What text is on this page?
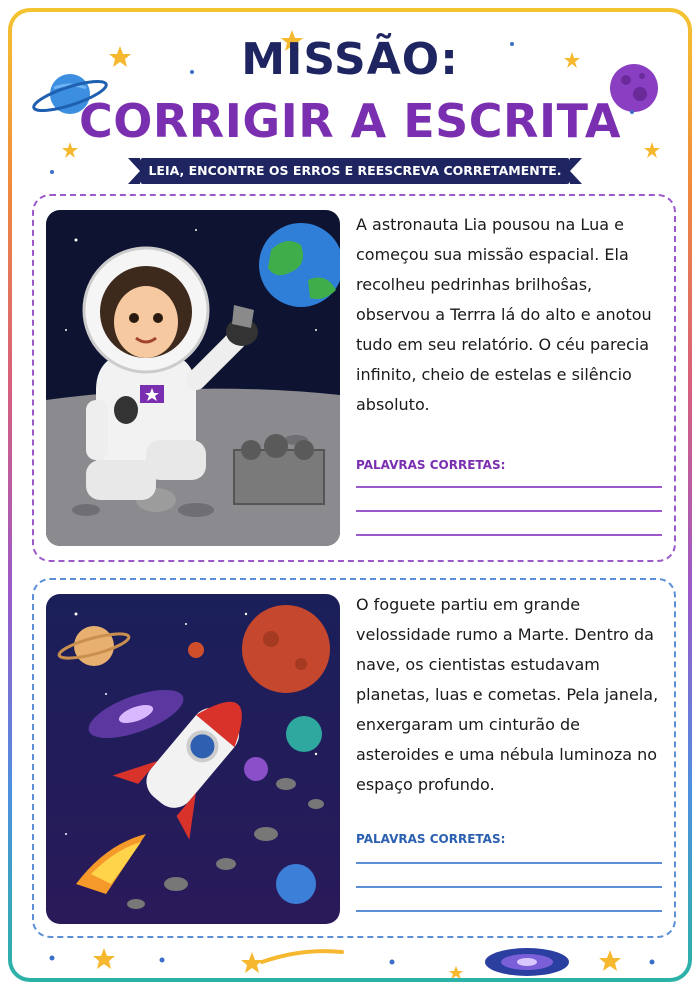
MISSÃO:
CORRIGIR A ESCRITA
LEIA, ENCONTRE OS ERROS E REESCREVA CORRETAMENTE.
A astronauta Lia pousou na Lua e começou sua missão espacial. Ela recolheu pedrinhas brilhoŝas, observou a Terrra lá do alto e anotou tudo em seu relatório. O céu parecia infinito, cheio de estelas e silêncio absoluto.
PALAVRAS CORRETAS:
O foguete partiu em grande velossidade rumo a Marte. Dentro da nave, os cientistas estudavam planetas, luas e cometas. Pela janela, enxergaram um cinturão de asteroides e uma nébula luminoza no espaço profundo.
PALAVRAS CORRETAS:
